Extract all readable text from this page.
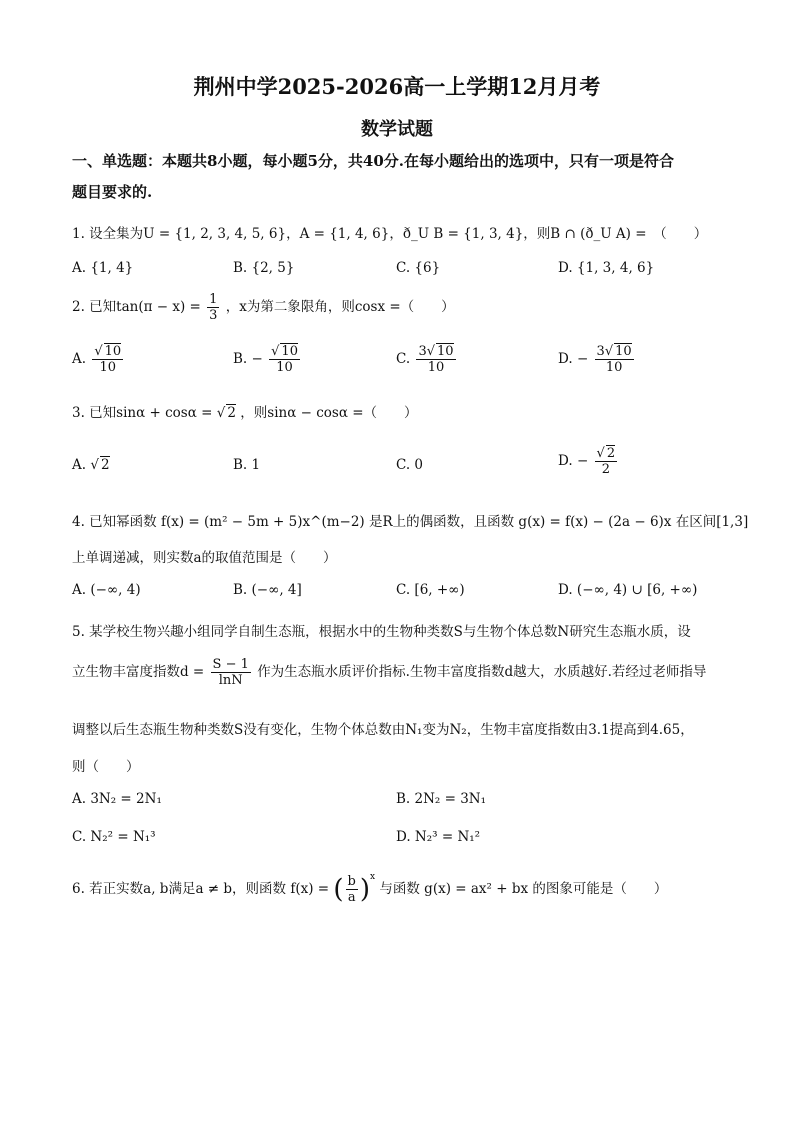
荆州中学2025-2026高一上学期12月月考
数学试题
一、单选题：本题共8小题，每小题5分，共40分.在每小题给出的选项中，只有一项是符合
题目要求的.
1. 设全集为U = {1, 2, 3, 4, 5, 6}，A = {1, 4, 6}，ð_U B = {1, 3, 4}，则B ∩ (ð_U A) =　（　　）
A. {1, 4}	B. {2, 5}	C. {6}	D. {1, 3, 4, 6}
2. 已知$\tan(\pi - x) = \frac{1}{3}$ ，x为第二象限角，则cosx =（　　）
A. $\frac{√ 10}{10}$	B. − $\frac{√ 10}{10}$	C. $\frac{3√ 10}{10}$	D. − $\frac{3√ 10}{10}$
3. 已知sinα + cosα = √ 2 ，则sinα − cosα =（　　）
A. √ 2	B. 1	C. 0	D. − $\frac{√ 2}{2}$
4. 已知幂函数 f(x) = (m² − 5m + 5)x^(m−2) 是R上的偶函数，且函数 g(x) = f(x) − (2a − 6)x 在区间[1,3]
上单调递减，则实数a的取值范围是（　　）
A. (−∞, 4)	B. (−∞, 4]	C. [6, +∞)	D. (−∞, 4) ∪ [6, +∞)
5. 某学校生物兴趣小组同学自制生态瓶，根据水中的生物种类数S与生物个体总数N研究生态瓶水质，设
立生物丰富度指数$d = \frac{S - 1}{\ln N}$ 作为生态瓶水质评价指标.生物丰富度指数d越大，水质越好.若经过老师指导
调整以后生态瓶生物种类数S没有变化，生物个体总数由N₁变为N₂，生物丰富度指数由3.1提高到4.65，
则（　　）
A. 3N₂ = 2N₁	B. 2N₂ = 3N₁
C. N₂² = N₁³	D. N₂³ = N₁²
6. 若正实数a, b满足a ≠ b，则函数 f(x) = ( $\frac{b}{a} )^x$ 与函数 g(x) = ax² + bx 的图象可能是（　　）
